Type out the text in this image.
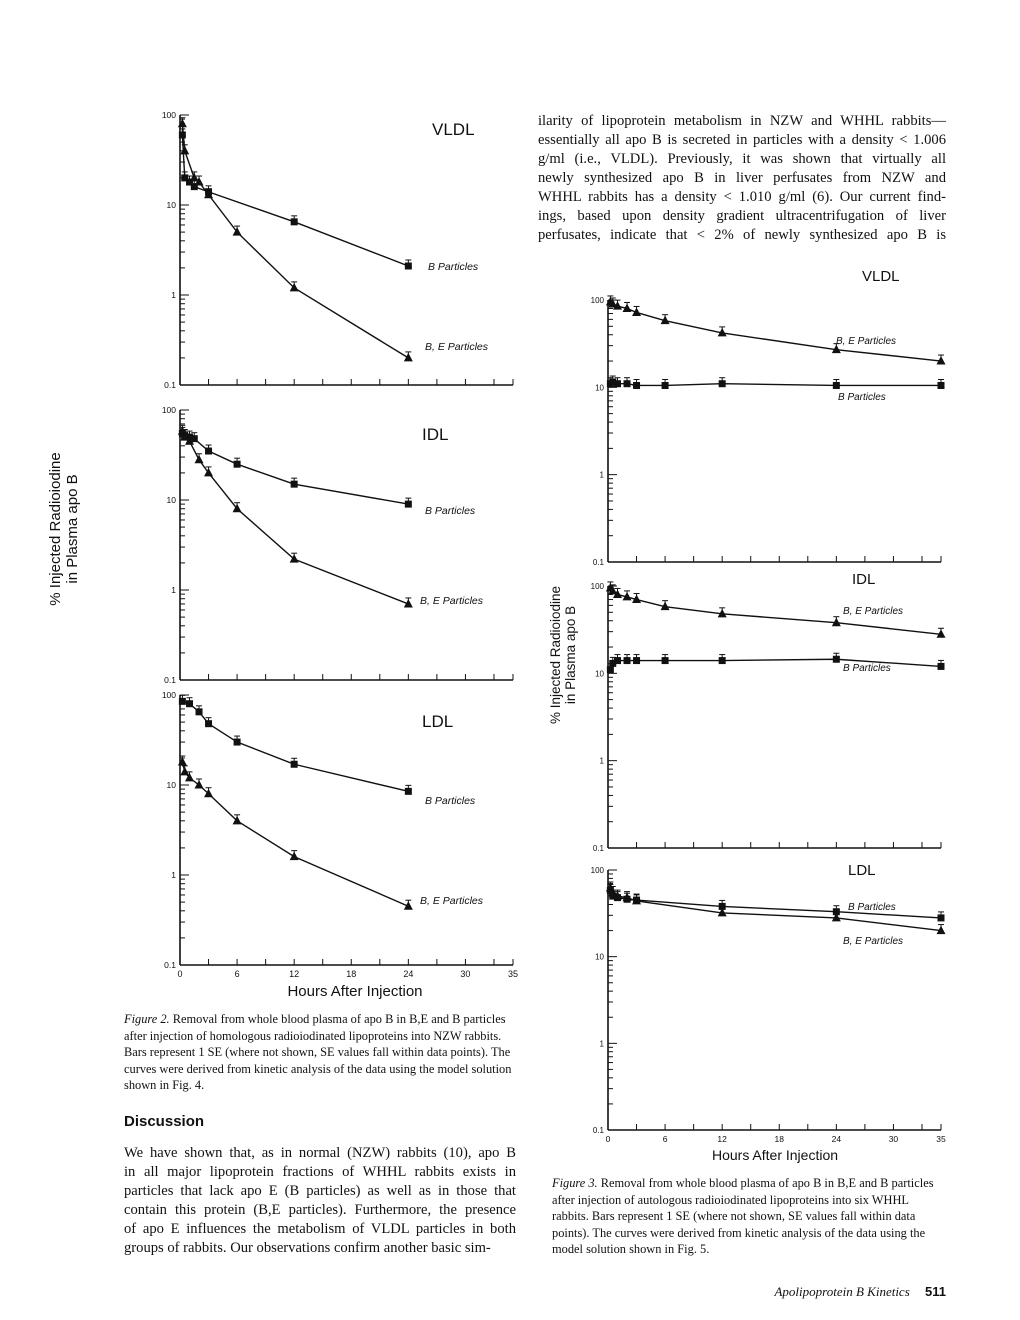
0.1
1
10
100
VLDL
B Particles
B, E Particles
0.1
1
10
100
IDL
B Particles
B, E Particles
0.1
1
10
100
0	6	12	18	24	30	35
LDL
B Particles
B, E Particles
0.1
1
10
100
VLDL
B, E Particles
B Particles
0.1
1
10
100	IDL
B, E Particles
B Particles
0.1
1
10
100
0	6	12	18	24	30	35
LDL
B Particles
B, E Particles
% Injected Radioiodine in Plasma apo B
Hours After Injection
Figure 2. Removal from whole blood plasma of apo B in B,E and B particles after injection of homologous radioiodinated lipoproteins into NZW rabbits. Bars represent 1 SE (where not shown, SE values fall within data points). The curves were derived from kinetic analysis of the data using the model solution shown in Fig. 4.
Discussion
We have shown that, as in normal (NZW) rabbits (10), apo B
in all major lipoprotein fractions of WHHL rabbits exists in
particles that lack apo E (B particles) as well as in those that
contain this protein (B,E particles). Furthermore, the presence
of apo E influences the metabolism of VLDL particles in both
groups of rabbits. Our observations confirm another basic sim-
ilarity of lipoprotein metabolism in NZW and WHHL rabbits—
essentially all apo B is secreted in particles with a density < 1.006
g/ml (i.e., VLDL). Previously, it was shown that virtually all
newly synthesized apo B in liver perfusates from NZW and
WHHL rabbits has a density < 1.010 g/ml (6). Our current find-
ings, based upon density gradient ultracentrifugation of liver
perfusates, indicate that < 2% of newly synthesized apo B is
% Injected Radioiodine in Plasma apo B
Hours After Injection
Figure 3. Removal from whole blood plasma of apo B in B,E and B particles after injection of autologous radioiodinated lipoproteins into six WHHL rabbits. Bars represent 1 SE (where not shown, SE values fall within data points). The curves were derived from kinetic analysis of the data using the model solution shown in Fig. 5.
Apolipoprotein B Kinetics 511
